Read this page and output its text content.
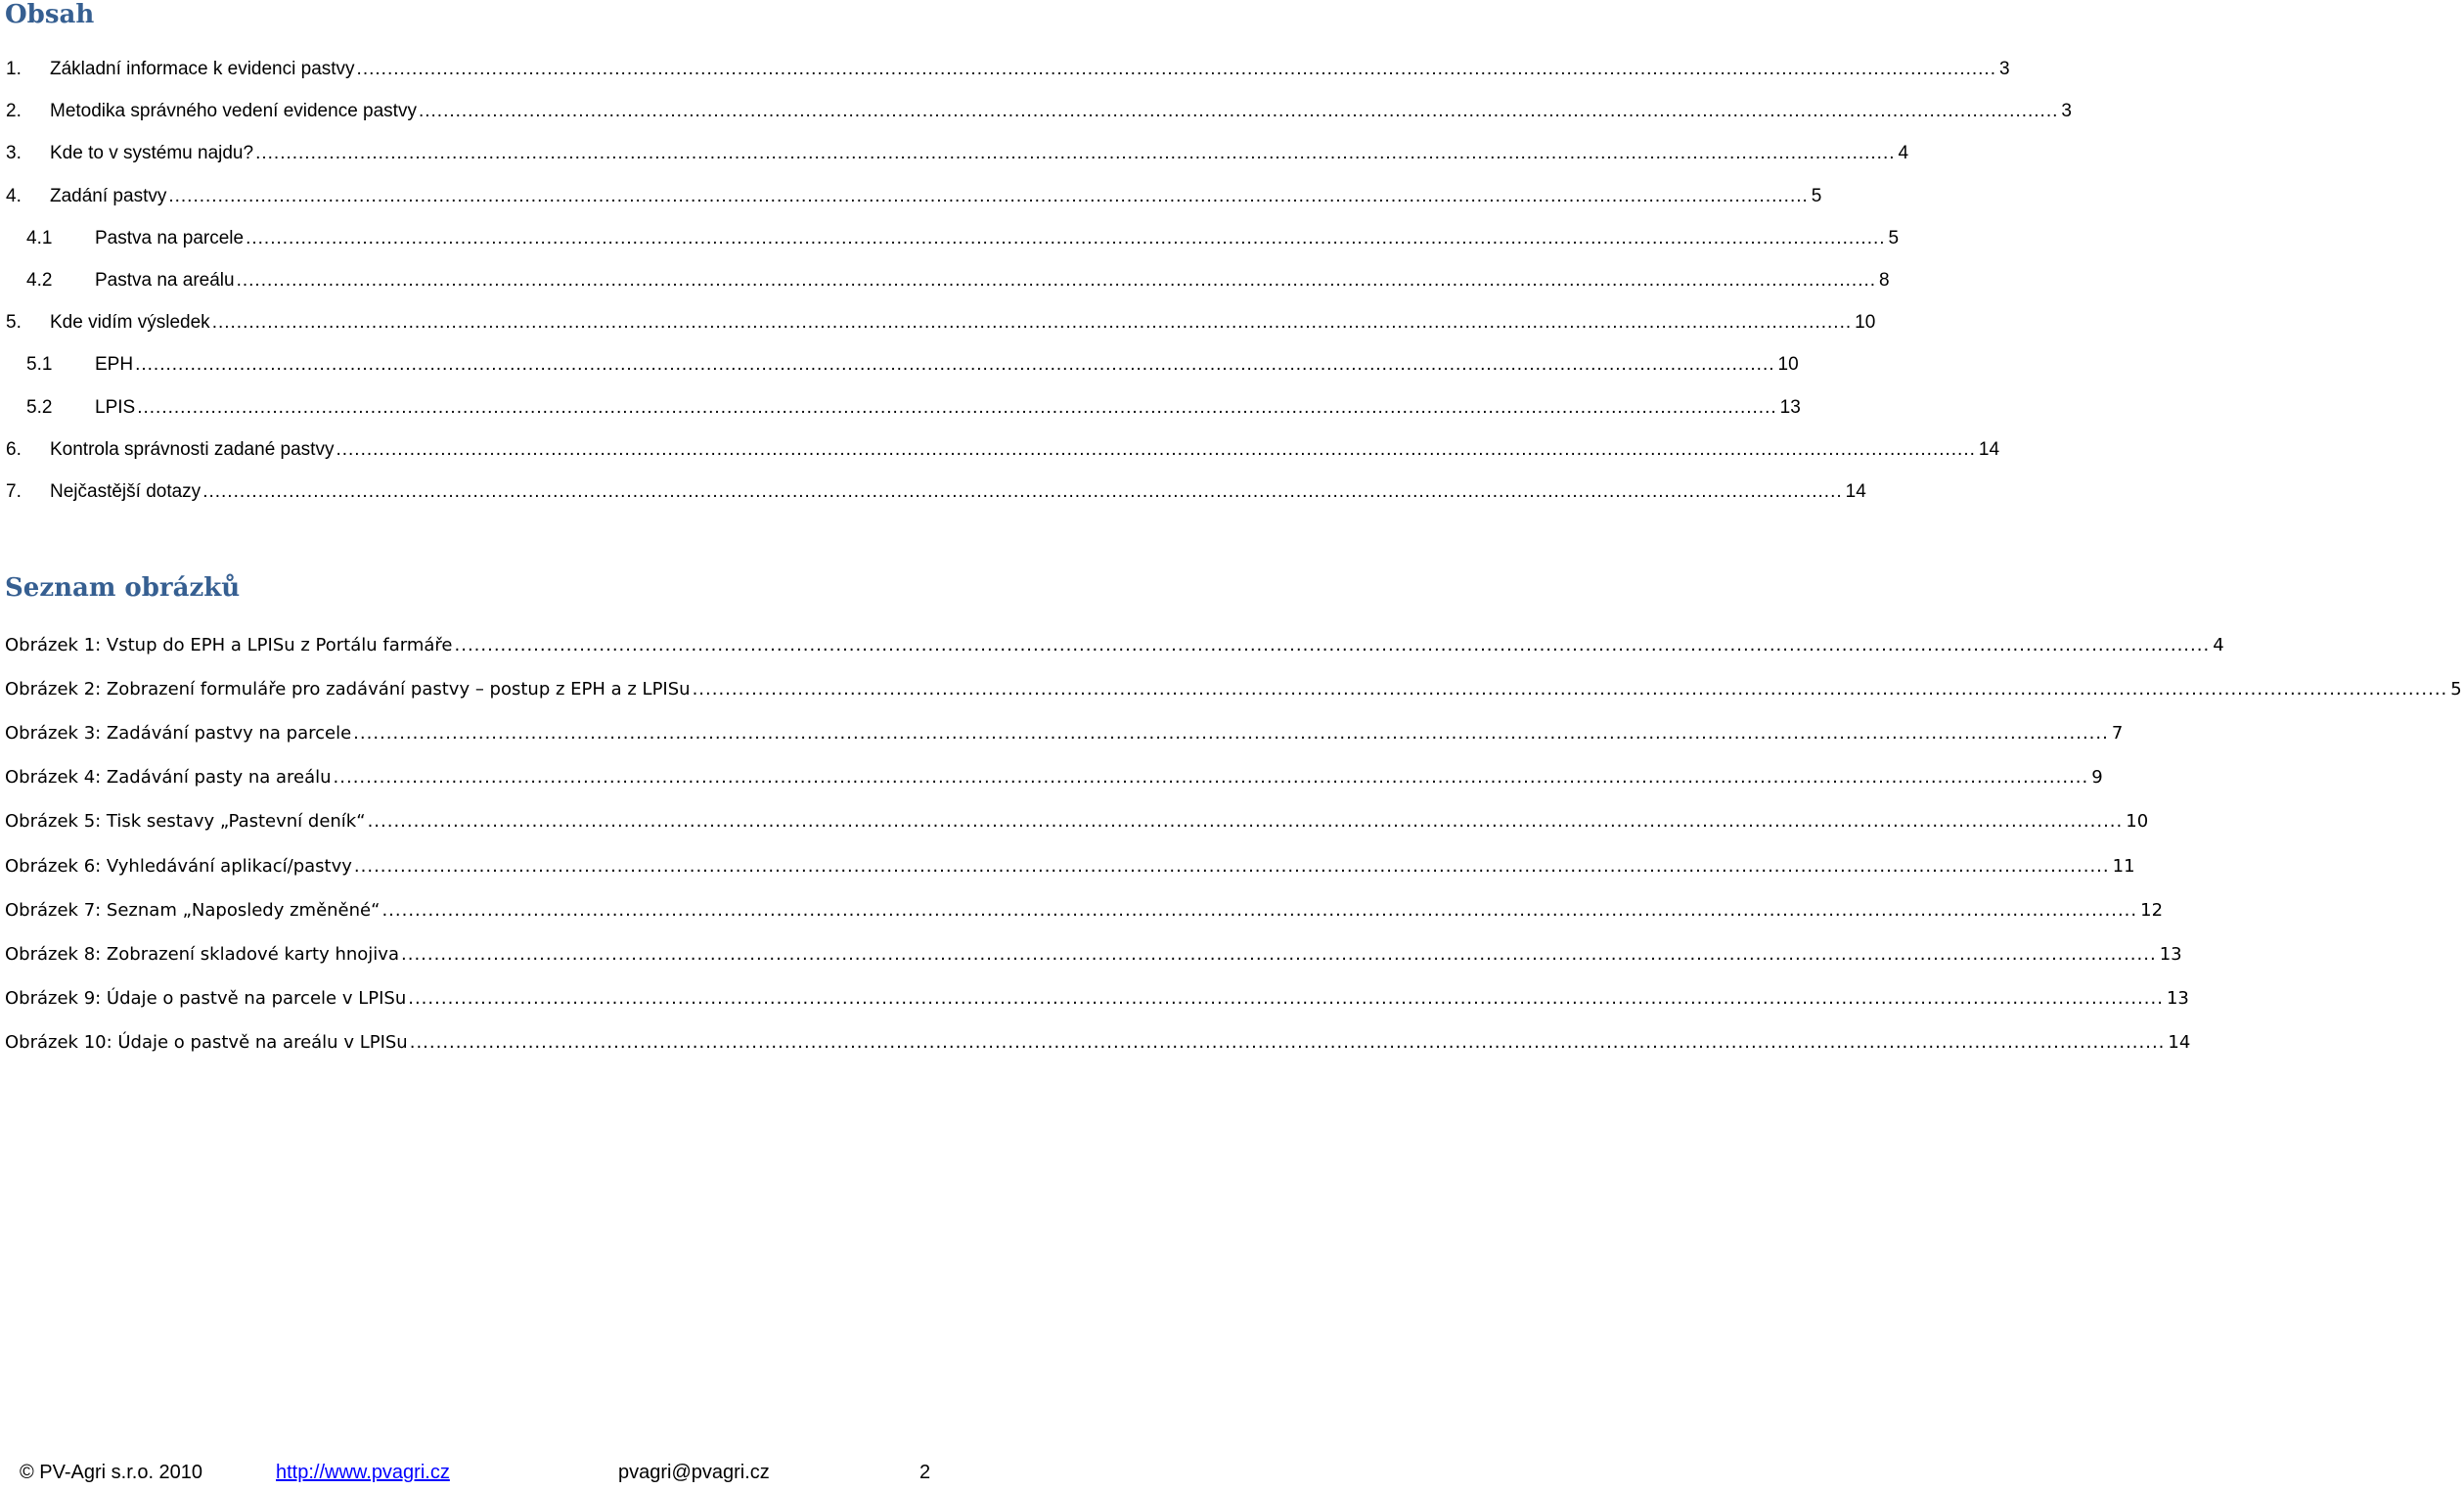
Obsah
1.	Základní informace k evidenci pastvy ........................................................................................................................................................................................................................................................................... 3
2.	Metodika správného vedení evidence pastvy ........................................................................................................................................................................................................................................................................... 3
3.	Kde to v systému najdu? ........................................................................................................................................................................................................................................................................... 4
4.	Zadání pastvy ........................................................................................................................................................................................................................................................................... 5
4.1	Pastva na parcele ........................................................................................................................................................................................................................................................................... 5
4.2	Pastva na areálu ........................................................................................................................................................................................................................................................................... 8
5.	Kde vidím výsledek ........................................................................................................................................................................................................................................................................... 10
5.1	EPH ........................................................................................................................................................................................................................................................................... 10
5.2	LPIS ........................................................................................................................................................................................................................................................................... 13
6.	Kontrola správnosti zadané pastvy ........................................................................................................................................................................................................................................................................... 14
7.	Nejčastější dotazy ........................................................................................................................................................................................................................................................................... 14
Seznam obrázků
Obrázek 1: Vstup do EPH a LPISu z Portálu farmáře ........................................................................................................................................................................................................................................................................... 4
Obrázek 2: Zobrazení formuláře pro zadávání pastvy – postup z EPH a z LPISu ........................................................................................................................................................................................................................................................................... 5
Obrázek 3: Zadávání pastvy na parcele ........................................................................................................................................................................................................................................................................... 7
Obrázek 4: Zadávání pasty na areálu ........................................................................................................................................................................................................................................................................... 9
Obrázek 5: Tisk sestavy „Pastevní deník“ ........................................................................................................................................................................................................................................................................... 10
Obrázek 6: Vyhledávání aplikací/pastvy ........................................................................................................................................................................................................................................................................... 11
Obrázek 7: Seznam „Naposledy změněné“ ........................................................................................................................................................................................................................................................................... 12
Obrázek 8: Zobrazení skladové karty hnojiva ........................................................................................................................................................................................................................................................................... 13
Obrázek 9: Údaje o pastvě na parcele v LPISu ........................................................................................................................................................................................................................................................................... 13
Obrázek 10: Údaje o pastvě na areálu v LPISu ........................................................................................................................................................................................................................................................................... 14
© PV-Agri s.r.o. 2010	http://www.pvagri.cz	pvagri@pvagri.cz	2
